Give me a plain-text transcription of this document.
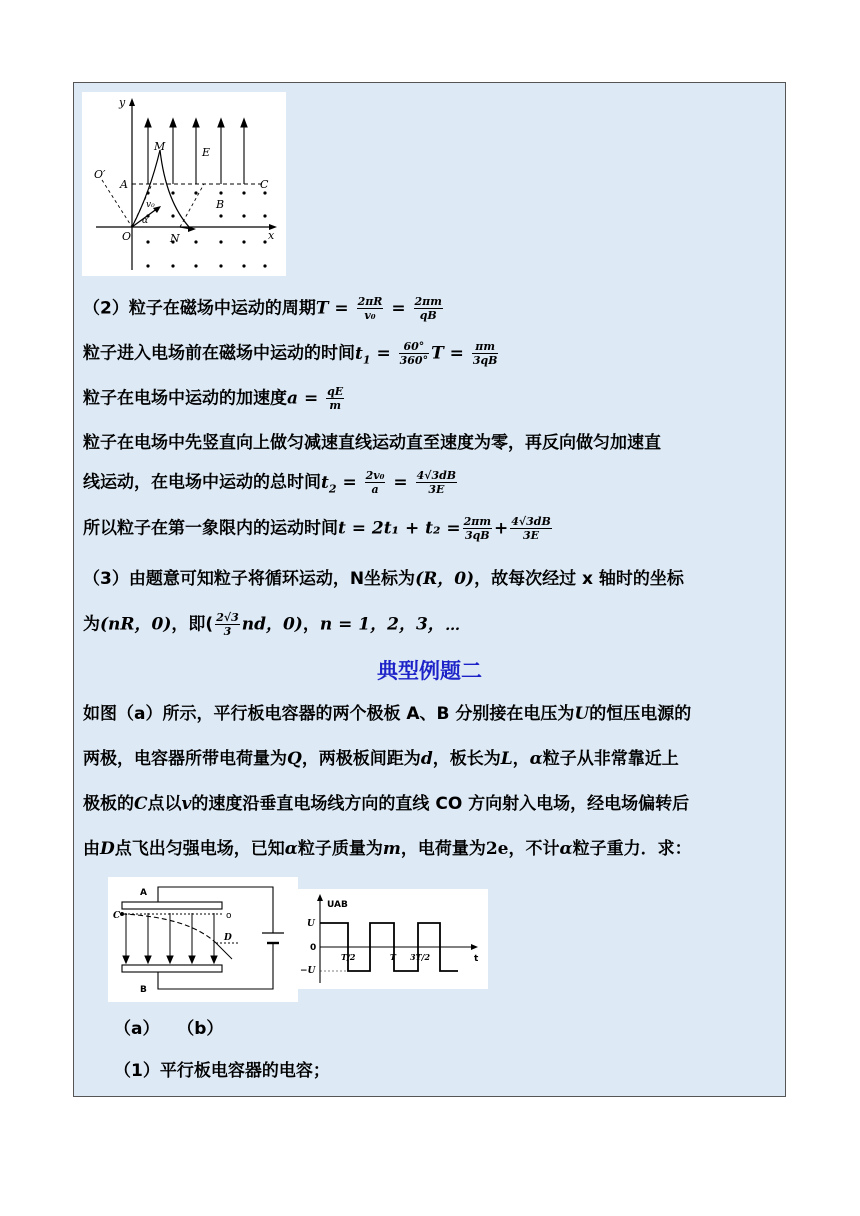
y
x
A	C
M	E
B
O′
v₀
α
O	N
（2）粒子在磁场中运动的周期$T = \frac{2\pi R}{\text{v₀}} = \frac{2\pi m}{qB}$
粒子进入电场前在磁场中运动的时间$t_1 = \frac{60^\circ}{360^\circ}$ $T = \frac{\pi m}{3qB}$
粒子在电场中运动的加速度$a = \frac{qE}{m}$
粒子在电场中先竖直向上做匀减速直线运动直至速度为零，再反向做匀加速直
线运动，在电场中运动的总时间$t_2 = \frac{\text{2v₀}}{a} = \frac{4√3dB}{3E}$
所以粒子在第一象限内的运动时间$t = 2t_1 + t_2 = \frac{2\pi m}{3qB} + \frac{4√3dB}{3E}$
（3）由题意可知粒子将循环运动，N坐标为(R，0)，故每次经过 x 轴时的坐标
为(nR，0)，即( $\frac{2√3}{3}$ nd，0)，n = 1，2，3，⋯
典型例题二
如图（a）所示，平行板电容器的两个极板 A、B 分别接在电压为U的恒压电源的
两极，电容器所带电荷量为Q，两极板间距为d，板长为L，α粒子从非常靠近上
极板的C点以v的速度沿垂直电场线方向的直线 CO 方向射入电场，经电场偏转后
由D点飞出匀强电场，已知α粒子质量为m，电荷量为2e，不计α粒子重力．求：
A
B
C	o
D
UAB
t
U
0
−U
T/2	T 3T/2
（a） （b）
（1）平行板电容器的电容；
